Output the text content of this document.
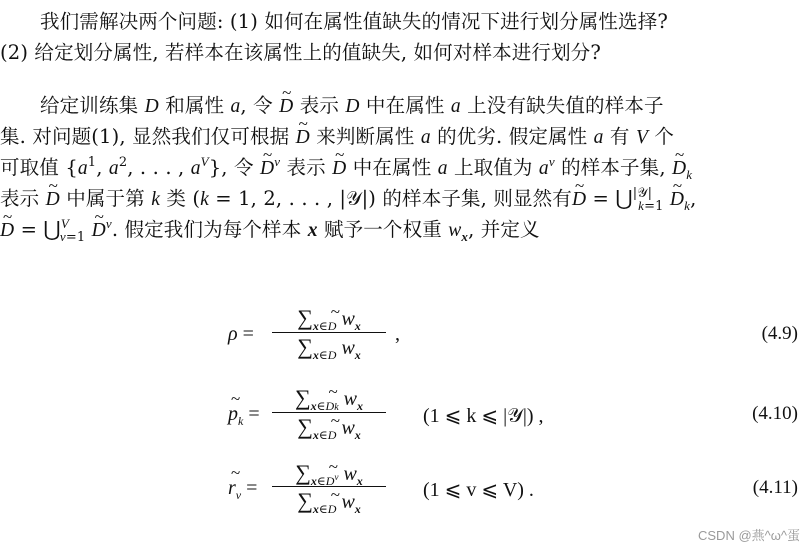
我们需解决两个问题: (1) 如何在属性值缺失的情况下进行划分属性选择?
(2) 给定划分属性, 若样本在该属性上的值缺失, 如何对样本进行划分?
给定训练集 D 和属性 a, 令 ~ D 表示 D 中在属性 a 上没有缺失值的样本子
集. 对问题(1), 显然我们仅可根据 ~ D 来判断属性 a 的优劣. 假定属性 a 有 V 个
可取值 {$a^1$, $a^2$, . . . , $a^V$}, 令 ~ $D^v$ 表示 ~ D 中在属性 a 上取值为 $a^v$ 的样本子集, ~ $D_k$
表示 ~ D 中属于第 k 类 (k = 1, 2, . . . , |𝒴|) 的样本子集, 则显然有~ D = ⋃$^{|𝒴|}_{k=1}$ ~ $D_k$,
~ D = ⋃$^V_{v=1}$ ~ $D^v$. 假定我们为每个样本 x 赋予一个权重 $w_x$, 并定义
ρ =
$\sum_{x\in\sim D}$ $w_x$
$\sum_{x\in D}$ $w_x$
,	(4.9)
~ $p_k$ =
$\sum_{x\in\sim Dk}$ $w_x$
$\sum_{x\in\sim D}$ $w_x$
(1 ⩽ k ⩽ |𝒴|) ,	(4.10)
~ $r_v$ =
$\sum_{x\in\sim D^v}$ $w_x$
$\sum_{x\in\sim D}$ $w_x$
(1 ⩽ v ⩽ V) .	(4.11)
CSDN @燕^ω^蛋
